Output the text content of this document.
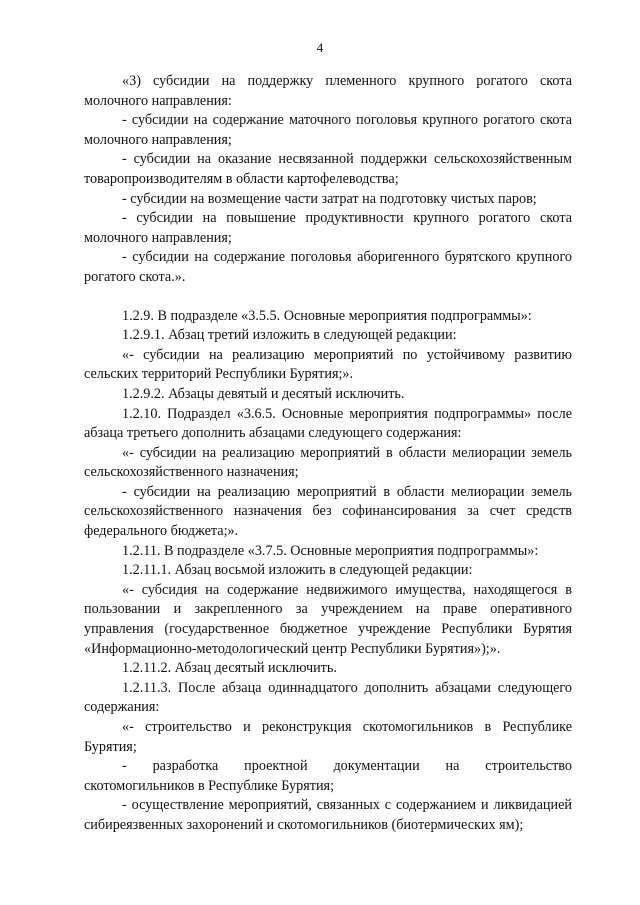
4

«3) субсидии на поддержку племенного крупного рогатого скота молочного направления:

- субсидии на содержание маточного поголовья крупного рогатого скота молочного направления;

- субсидии на оказание несвязанной поддержки сельскохозяйственным товаропроизводителям в области картофелеводства;

- субсидии на возмещение части затрат на подготовку чистых паров;

- субсидии на повышение продуктивности крупного рогатого скота молочного направления;

- субсидии на содержание поголовья аборигенного бурятского крупного рогатого скота.».

1.2.9. В подразделе «3.5.5. Основные мероприятия подпрограммы»:

1.2.9.1. Абзац третий изложить в следующей редакции:

«- субсидии на реализацию мероприятий по устойчивому развитию сельских территорий Республики Бурятия;».

1.2.9.2. Абзацы девятый и десятый исключить.

1.2.10. Подраздел «3.6.5. Основные мероприятия подпрограммы» после абзаца третьего дополнить абзацами следующего содержания:

«- субсидии на реализацию мероприятий в области мелиорации земель сельскохозяйственного назначения;

- субсидии на реализацию мероприятий в области мелиорации земель сельскохозяйственного назначения без софинансирования за счет средств федерального бюджета;».

1.2.11. В подразделе «3.7.5. Основные мероприятия подпрограммы»:

1.2.11.1. Абзац восьмой изложить в следующей редакции:

«- субсидия на содержание недвижимого имущества, находящегося в пользовании и закрепленного за учреждением на праве оперативного управления (государственное бюджетное учреждение Республики Бурятия «Информационно-методологический центр Республики Бурятия»);».

1.2.11.2. Абзац десятый исключить.

1.2.11.3. После абзаца одиннадцатого дополнить абзацами следующего содержания:

«- строительство и реконструкция скотомогильников в Республике Бурятия;

- разработка проектной документации на строительство скотомогильников в Республике Бурятия;

- осуществление мероприятий, связанных с содержанием и ликвидацией сибиреязвенных захоронений и скотомогильников (биотермических ям);
